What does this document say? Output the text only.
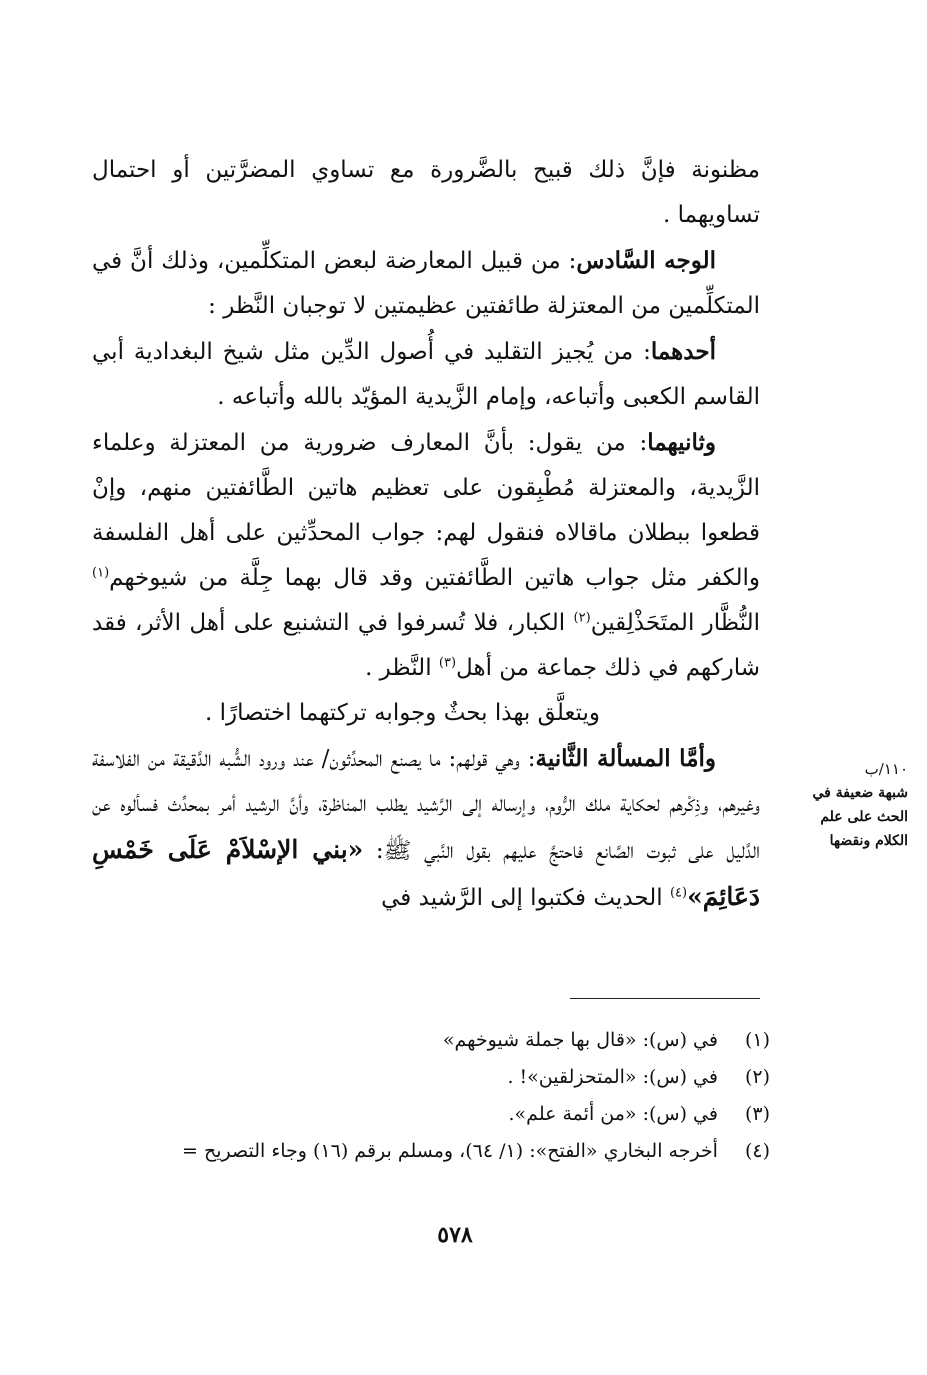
مظنونة فإنَّ ذلك قبيح بالضَّرورة مع تساوي المضرَّتين أو احتمال تساويهما .

الوجه السَّادس: من قبيل المعارضة لبعض المتكلِّمين، وذلك أنَّ في المتكلِّمين من المعتزلة طائفتين عظيمتين لا توجبان النَّظر :

أحدهما: من يُجيز التقليد في أُصول الدِّين مثل شيخ البغدادية أبي القاسم الكعبى وأتباعه، وإمام الزَّيدية المؤيّد بالله وأتباعه .

وثانيهما: من يقول: بأنَّ المعارف ضرورية من المعتزلة وعلماء الزَّيدية، والمعتزلة مُطْبِقون على تعظيم هاتين الطَّائفتين منهم، وإنْ قطعوا ببطلان ماقالاه فنقول لهم: جواب المحدِّثين على أهل الفلسفة والكفر مثل جواب هاتين الطَّائفتين وقد قال بهما جِلَّة من شيوخهم$^{(١)}$ النُّظَّار المتَحَذْلِقين$^{(٢)}$ الكبار، فلا تُسرفوا في التشنيع على أهل الأثر، فقد شاركهم في ذلك جماعة من أهل$^{(٣)}$ النَّظر .

ويتعلَّق بهذا بحثٌ وجوابه تركتهما اختصارًا .

وأمَّا المسألة الثَّانية: وهي قولهم: ما يصنع المحدِّثون/ عند ورود الشُّبه الدَّقيقة من الفلاسفة وغيرهم، وذِكْرهم لحكاية ملك الرُّوم، وإرساله إلى الرَّشيد يطلب المناظرة، وأنَّ الرشيد أمر بمحدِّث فسألوه عن الدَّليل على ثبوت الصَّانع فاحتجَّ عليهم بقول النَّبي ﷺ: «بني الإسْلاَمْ عَلَى خَمْسِ دَعَائِمَ»$^{(٤)}$ الحديث فكتبوا إلى الرَّشيد في

١١٠/ب
شبهة ضعيفة في الحث على علم الكلام ونقضها
(١) في (س): «قال بها جملة شيوخهم»
(٢) في (س): «المتحزلقين»! .
(٣) في (س): «من أئمة علم».
(٤) أخرجه البخاري «الفتح»: (١/ ٦٤)، ومسلم برقم (١٦) وجاء التصريح =
٥٧٨
